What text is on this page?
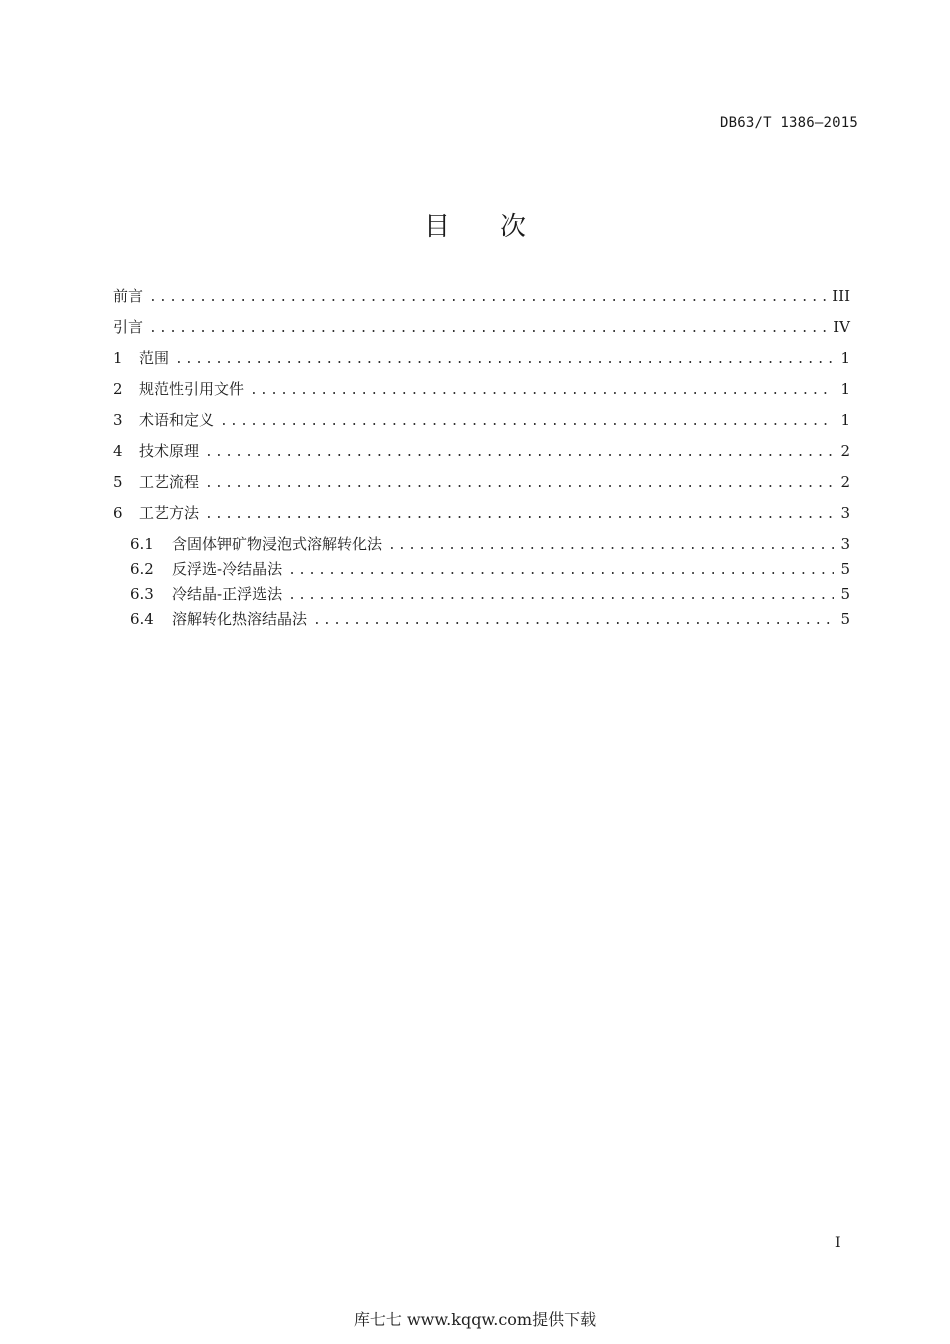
DB63/T 1386—2015
目 次
前言 .....	III
引言 .....	IV
1	范围 .....	1
2	规范性引用文件 .....	1
3	术语和定义 .....	1
4	技术原理 .....	2
5	工艺流程 .....	2
6	工艺方法 .....	3
6.1	含固体钾矿物浸泡式溶解转化法 .....	3
6.2	反浮选-冷结晶法 .....	5
6.3	冷结晶-正浮选法 .....	5
6.4	溶解转化热溶结晶法 .....	5
I
库七七 www.kqqw.com提供下载
